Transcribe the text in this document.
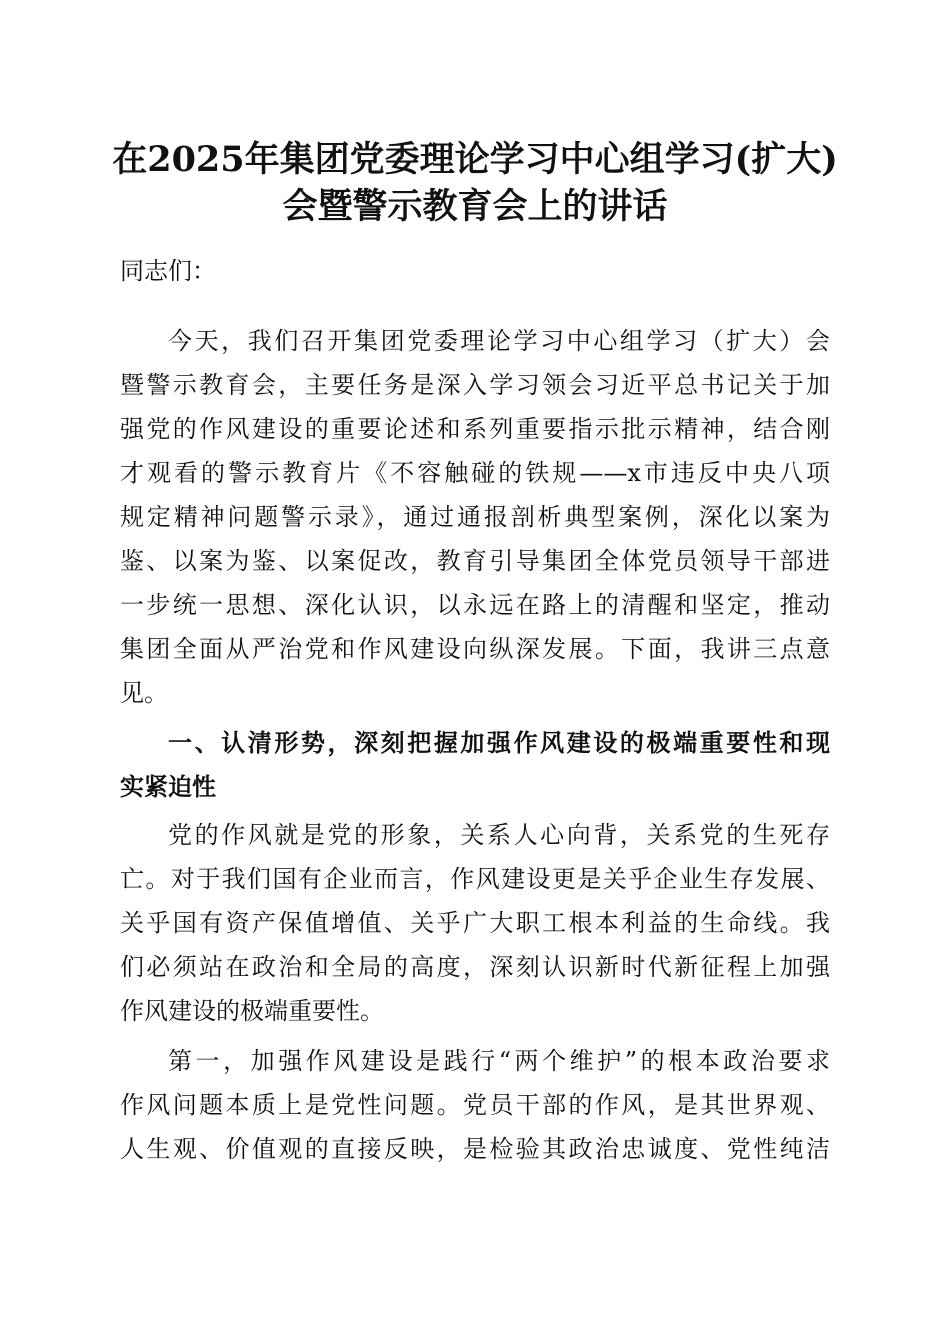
在2025年集团党委理论学习中心组学习(扩大)
会暨警示教育会上的讲话
同志们：
今天，我们召开集团党委理论学习中心组学习（扩大）会
暨警示教育会，主要任务是深入学习领会习近平总书记关于加
强党的作风建设的重要论述和系列重要指示批示精神，结合刚
才观看的警示教育片《不容触碰的铁规——x市违反中央八项
规定精神问题警示录》，通过通报剖析典型案例，深化以案为
鉴、以案为鉴、以案促改，教育引导集团全体党员领导干部进
一步统一思想、深化认识，以永远在路上的清醒和坚定，推动
集团全面从严治党和作风建设向纵深发展。下面，我讲三点意
见。
一、认清形势，深刻把握加强作风建设的极端重要性和现
实紧迫性
党的作风就是党的形象，关系人心向背，关系党的生死存
亡。对于我们国有企业而言，作风建设更是关乎企业生存发展、
关乎国有资产保值增值、关乎广大职工根本利益的生命线。我
们必须站在政治和全局的高度，深刻认识新时代新征程上加强
作风建设的极端重要性。
第一，加强作风建设是践行“两个维护”的根本政治要求
作风问题本质上是党性问题。党员干部的作风，是其世界观、
人生观、价值观的直接反映，是检验其政治忠诚度、党性纯洁
